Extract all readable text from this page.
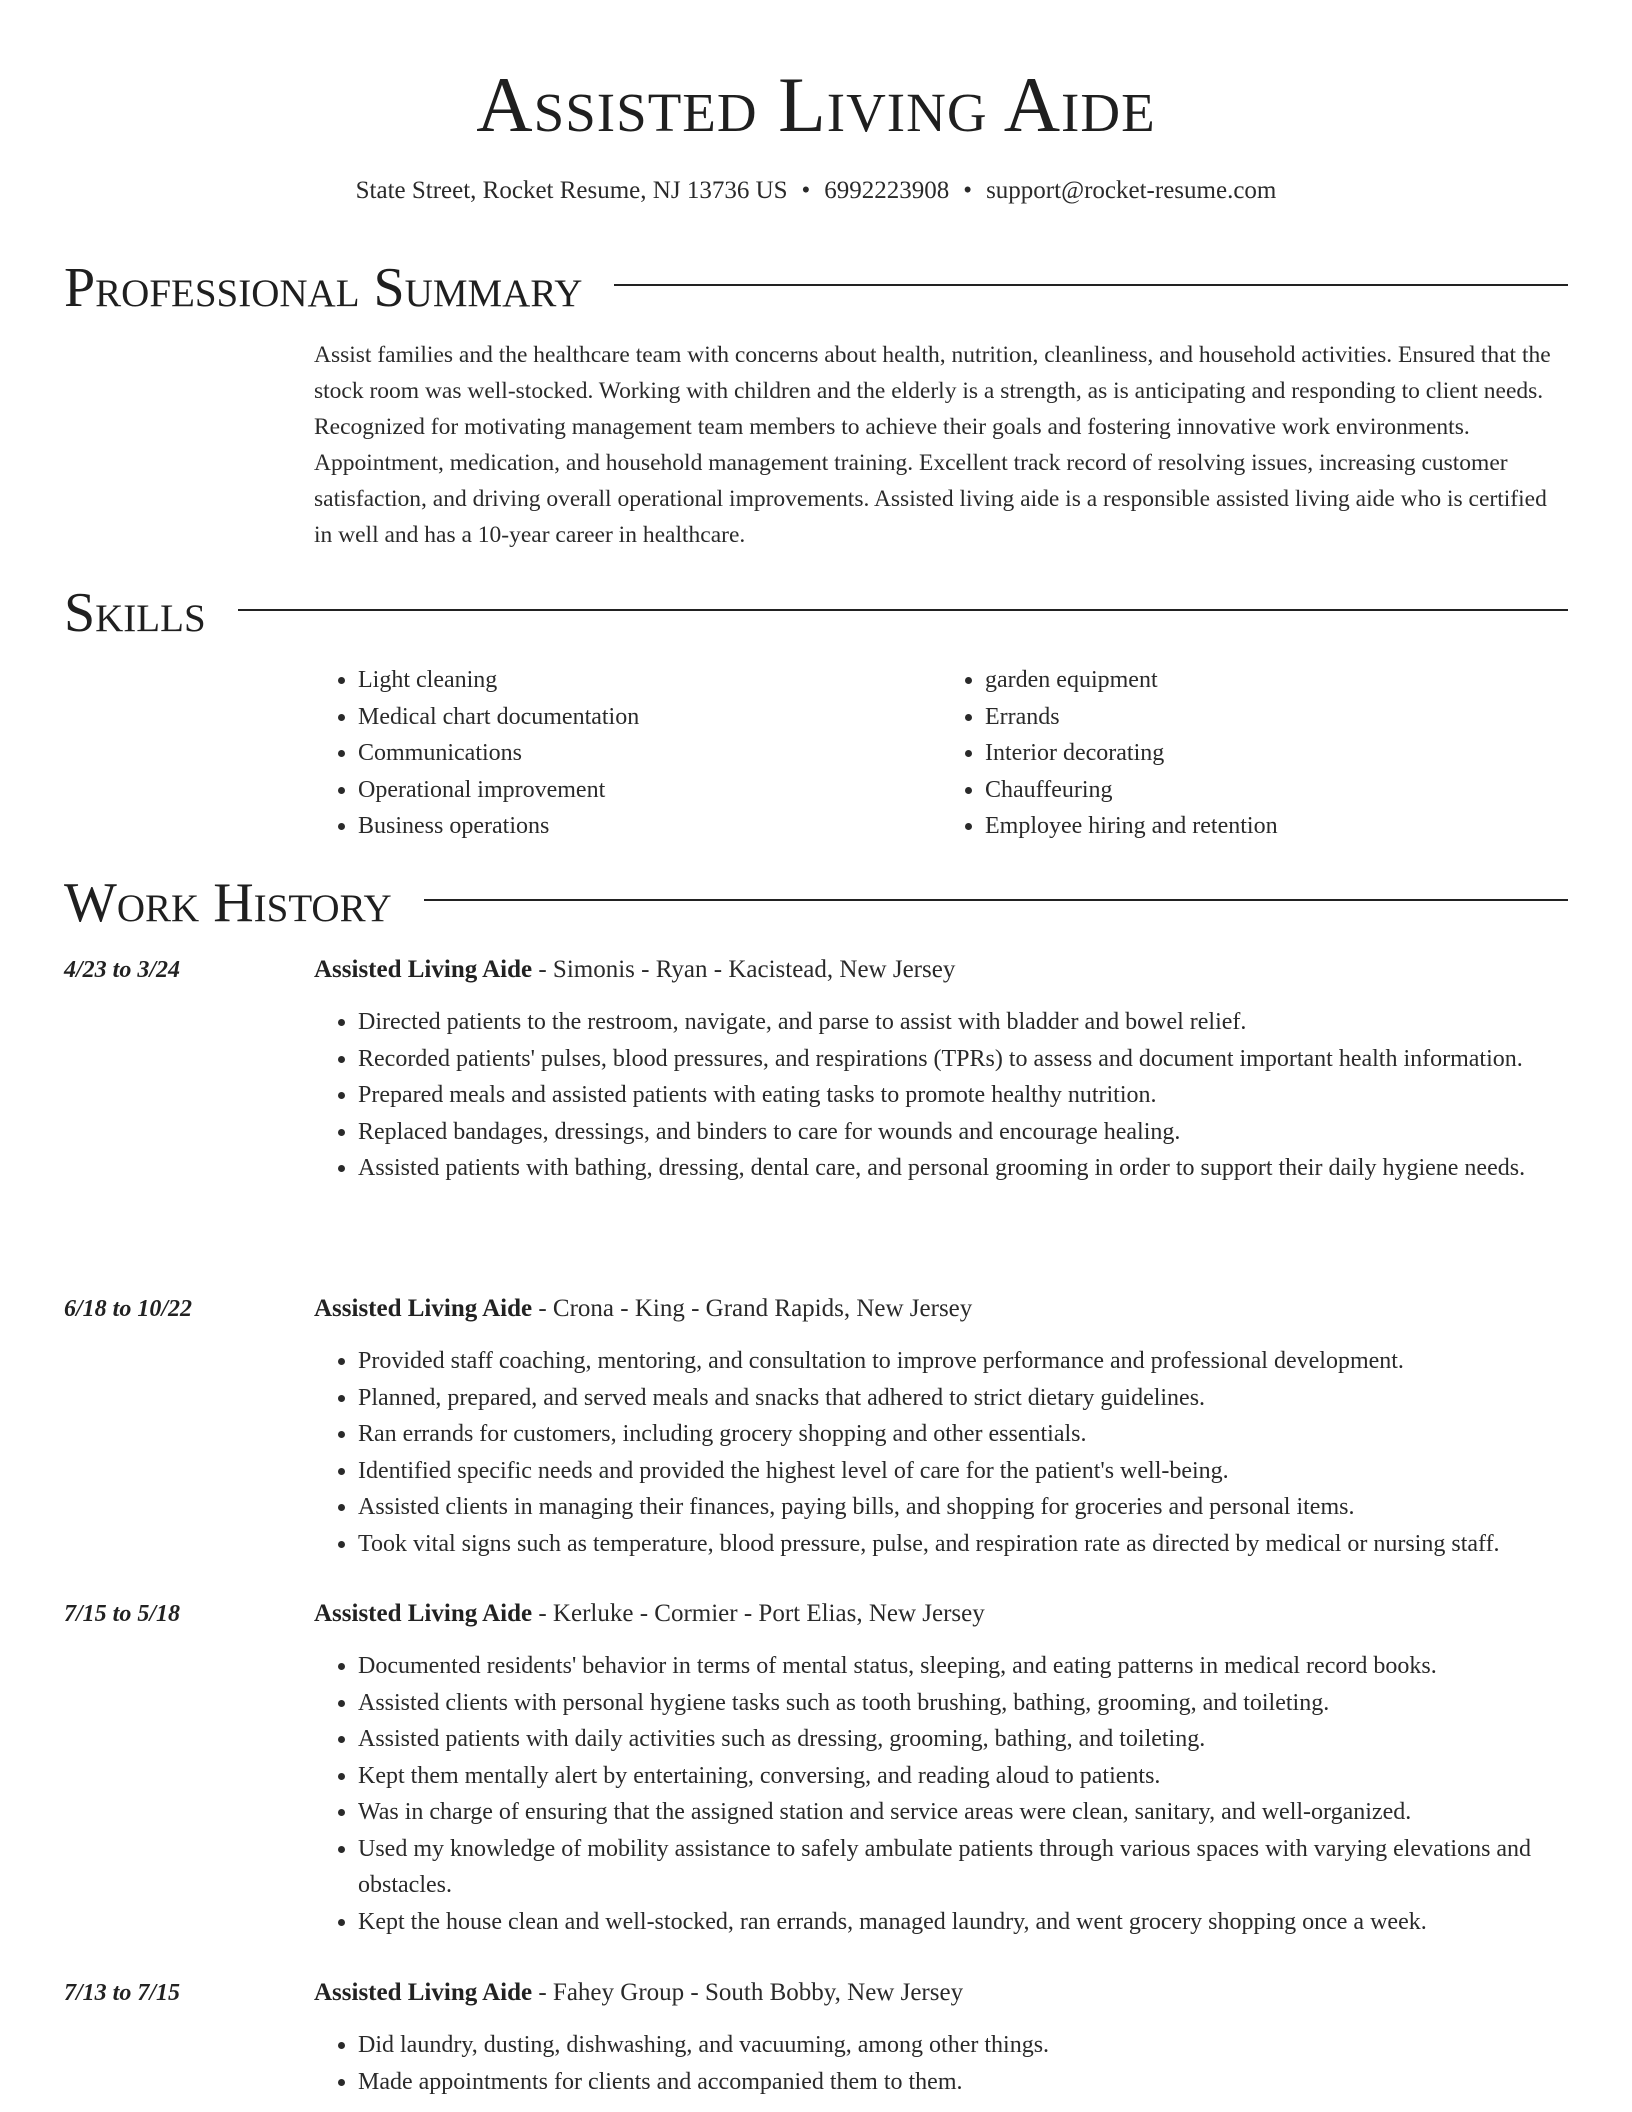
Assisted Living Aide
State Street, Rocket Resume, NJ 13736 US • 6992223908 • support@rocket-resume.com
Professional Summary

Assist families and the healthcare team with concerns about health, nutrition, cleanliness, and household activities. Ensured that the stock room was well-stocked. Working with children and the elderly is a strength, as is anticipating and responding to client needs. Recognized for motivating management team members to achieve their goals and fostering innovative work environments. Appointment, medication, and household management training. Excellent track record of resolving issues, increasing customer satisfaction, and driving overall operational improvements. Assisted living aide is a responsible assisted living aide who is certified in well and has a 10-year career in healthcare.

Skills
• Light cleaning
• Medical chart documentation
• Communications
• Operational improvement
• Business operations
• garden equipment
• Errands
• Interior decorating
• Chauffeuring
• Employee hiring and retention
Work History
4/23 to 3/24	Assisted Living Aide - Simonis - Ryan - Kacistead, New Jersey
• Directed patients to the restroom, navigate, and parse to assist with bladder and bowel relief.
• Recorded patients' pulses, blood pressures, and respirations (TPRs) to assess and document important health information.
• Prepared meals and assisted patients with eating tasks to promote healthy nutrition.
• Replaced bandages, dressings, and binders to care for wounds and encourage healing.
• Assisted patients with bathing, dressing, dental care, and personal grooming in order to support their daily hygiene needs.
6/18 to 10/22	Assisted Living Aide - Crona - King - Grand Rapids, New Jersey
• Provided staff coaching, mentoring, and consultation to improve performance and professional development.
• Planned, prepared, and served meals and snacks that adhered to strict dietary guidelines.
• Ran errands for customers, including grocery shopping and other essentials.
• Identified specific needs and provided the highest level of care for the patient's well-being.
• Assisted clients in managing their finances, paying bills, and shopping for groceries and personal items.
• Took vital signs such as temperature, blood pressure, pulse, and respiration rate as directed by medical or nursing staff.
7/15 to 5/18	Assisted Living Aide - Kerluke - Cormier - Port Elias, New Jersey
• Documented residents' behavior in terms of mental status, sleeping, and eating patterns in medical record books.
• Assisted clients with personal hygiene tasks such as tooth brushing, bathing, grooming, and toileting.
• Assisted patients with daily activities such as dressing, grooming, bathing, and toileting.
• Kept them mentally alert by entertaining, conversing, and reading aloud to patients.
• Was in charge of ensuring that the assigned station and service areas were clean, sanitary, and well-organized.
• Used my knowledge of mobility assistance to safely ambulate patients through various spaces with varying elevations and obstacles.
• Kept the house clean and well-stocked, ran errands, managed laundry, and went grocery shopping once a week.
7/13 to 7/15	Assisted Living Aide - Fahey Group - South Bobby, New Jersey
• Did laundry, dusting, dishwashing, and vacuuming, among other things.
• Made appointments for clients and accompanied them to them.
